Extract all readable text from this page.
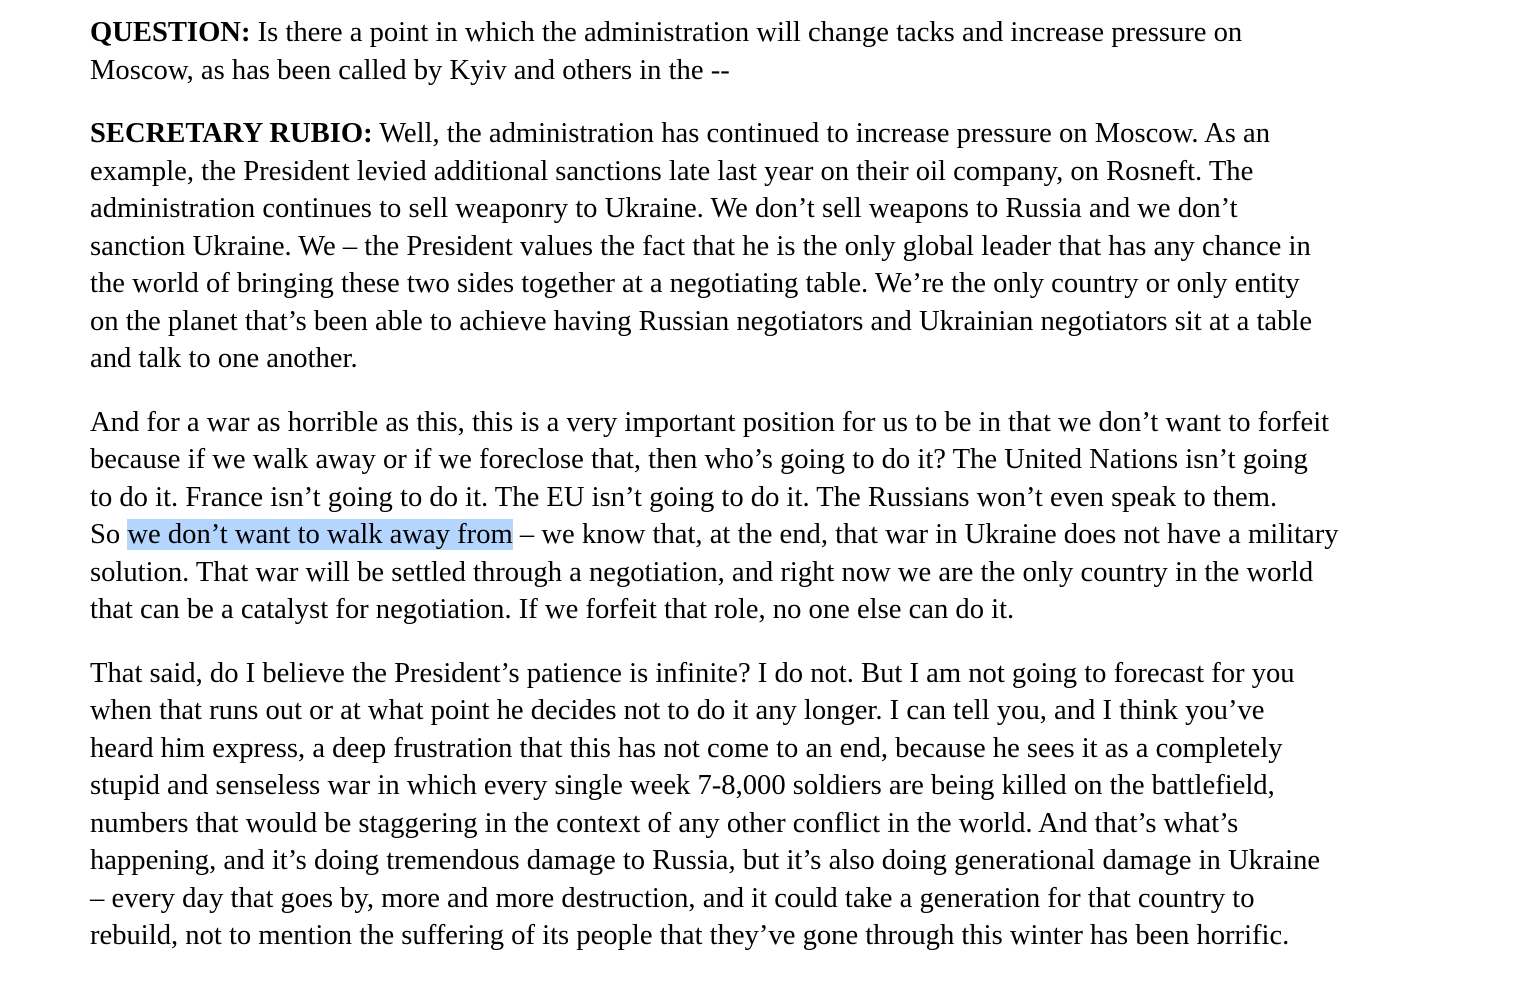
QUESTION: Is there a point in which the administration will change tacks and increase pressure on
Moscow, as has been called by Kyiv and others in the --

SECRETARY RUBIO: Well, the administration has continued to increase pressure on Moscow. As an
example, the President levied additional sanctions late last year on their oil company, on Rosneft. The
administration continues to sell weaponry to Ukraine. We don’t sell weapons to Russia and we don’t
sanction Ukraine. We – the President values the fact that he is the only global leader that has any chance in
the world of bringing these two sides together at a negotiating table. We’re the only country or only entity
on the planet that’s been able to achieve having Russian negotiators and Ukrainian negotiators sit at a table
and talk to one another.

And for a war as horrible as this, this is a very important position for us to be in that we don’t want to forfeit
because if we walk away or if we foreclose that, then who’s going to do it? The United Nations isn’t going
to do it. France isn’t going to do it. The EU isn’t going to do it. The Russians won’t even speak to them.
So we don’t want to walk away from – we know that, at the end, that war in Ukraine does not have a military
solution. That war will be settled through a negotiation, and right now we are the only country in the world
that can be a catalyst for negotiation. If we forfeit that role, no one else can do it.

That said, do I believe the President’s patience is infinite? I do not. But I am not going to forecast for you
when that runs out or at what point he decides not to do it any longer. I can tell you, and I think you’ve
heard him express, a deep frustration that this has not come to an end, because he sees it as a completely
stupid and senseless war in which every single week 7-8,000 soldiers are being killed on the battlefield,
numbers that would be staggering in the context of any other conflict in the world. And that’s what’s
happening, and it’s doing tremendous damage to Russia, but it’s also doing generational damage in Ukraine
– every day that goes by, more and more destruction, and it could take a generation for that country to
rebuild, not to mention the suffering of its people that they’ve gone through this winter has been horrific.
